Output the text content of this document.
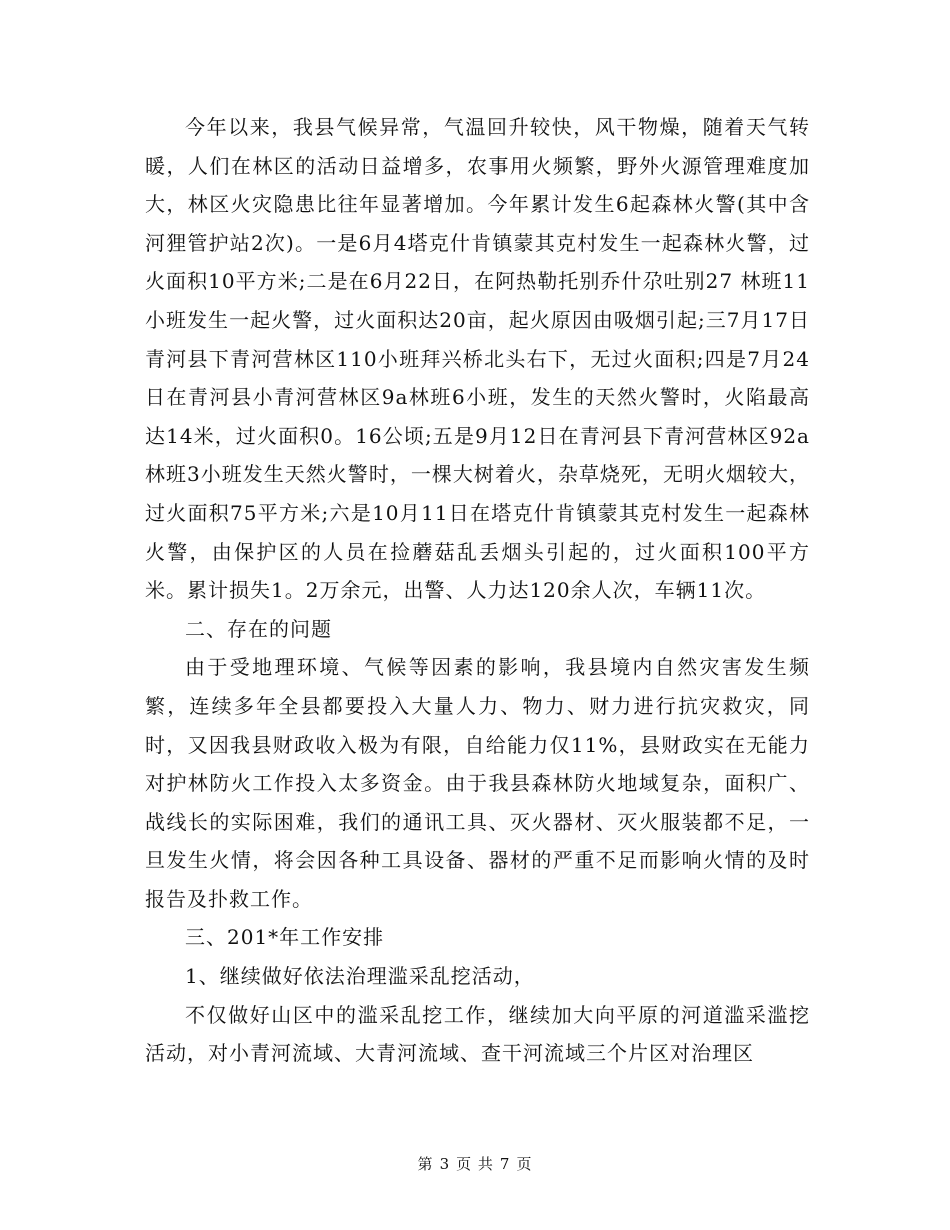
今年以来，我县气候异常，气温回升较快，风干物燥，随着天气转暖，人们在林区的活动日益增多，农事用火频繁，野外火源管理难度加大，林区火灾隐患比往年显著增加。今年累计发生6起森林火警(其中含河狸管护站2次)。一是6月4塔克什肯镇蒙其克村发生一起森林火警，过火面积10平方米;二是在6月22日，在阿热勒托别乔什尕吐别27 林班11小班发生一起火警，过火面积达20亩，起火原因由吸烟引起;三7月17日青河县下青河营林区110小班拜兴桥北头右下，无过火面积;四是7月24日在青河县小青河营林区9a林班6小班，发生的天然火警时，火陷最高达14米，过火面积0。16公顷;五是9月12日在青河县下青河营林区92a林班3小班发生天然火警时，一棵大树着火，杂草烧死，无明火烟较大，过火面积75平方米;六是10月11日在塔克什肯镇蒙其克村发生一起森林火警，由保护区的人员在捡蘑菇乱丢烟头引起的，过火面积100平方米。累计损失1。2万余元，出警、人力达120余人次，车辆11次。

二、存在的问题

由于受地理环境、气候等因素的影响，我县境内自然灾害发生频繁，连续多年全县都要投入大量人力、物力、财力进行抗灾救灾，同时，又因我县财政收入极为有限，自给能力仅11%，县财政实在无能力对护林防火工作投入太多资金。由于我县森林防火地域复杂，面积广、战线长的实际困难，我们的通讯工具、灭火器材、灭火服装都不足，一旦发生火情，将会因各种工具设备、器材的严重不足而影响火情的及时报告及扑救工作。

三、201*年工作安排

1、继续做好依法治理滥采乱挖活动，

不仅做好山区中的滥采乱挖工作，继续加大向平原的河道滥采滥挖活动，对小青河流域、大青河流域、查干河流域三个片区对治理区

第 3 页 共 7 页
